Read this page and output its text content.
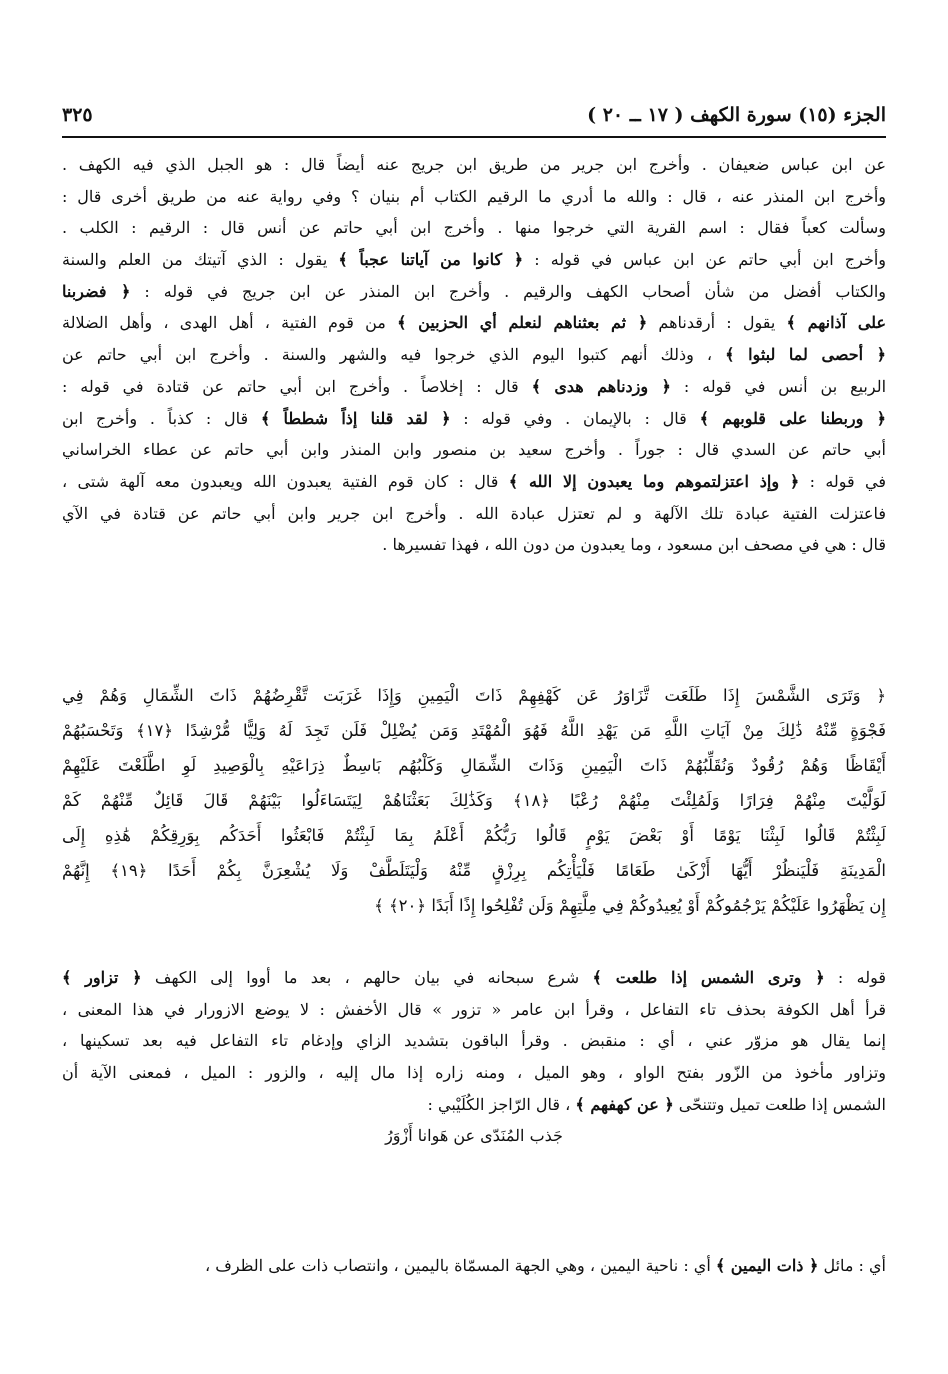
الجزء (١٥) سورة الكهف ( ١٧ ــ ٢٠ )
٣٢٥
عن ابن عباس ضعيفان . وأخرج ابن جرير من طريق ابن جريج عنه أيضاً قال : هو الجبل الذي فيه الكهف .
وأخرج ابن المنذر عنه ، قال : والله ما أدري ما الرقيم الكتاب أم بنيان ؟ وفي رواية عنه من طريق أخرى قال :
وسألت كعباً فقال : اسم القرية التي خرجوا منها . وأخرج ابن أبي حاتم عن أنس قال : الرقيم : الكلب .
وأخرج ابن أبي حاتم عن ابن عباس في قوله : ﴿ كانوا من آياتنا عجباً ﴾ يقول : الذي آتيتك من العلم والسنة
والكتاب أفضل من شأن أصحاب الكهف والرقيم . وأخرج ابن المنذر عن ابن جريج في قوله : ﴿ فضربنا
على آذانهم ﴾ يقول : أرقدناهم ﴿ ثم بعثناهم لنعلم أي الحزبين ﴾ من قوم الفتية ، أهل الهدى ، وأهل الضلالة
﴿ أحصى لما لبثوا ﴾ ، وذلك أنهم كتبوا اليوم الذي خرجوا فيه والشهر والسنة . وأخرج ابن أبي حاتم عن
الربيع بن أنس في قوله : ﴿ وزدناهم هدى ﴾ قال : إخلاصاً . وأخرج ابن أبي حاتم عن قتادة في قوله :
﴿ وربطنا على قلوبهم ﴾ قال : بالإيمان . وفي قوله : ﴿ لقد قلنا إذاً شططاً ﴾ قال : كذباً . وأخرج ابن
أبي حاتم عن السدي قال : جوراً . وأخرج سعيد بن منصور وابن المنذر وابن أبي حاتم عن عطاء الخراساني
في قوله : ﴿ وإذ اعتزلتموهم وما يعبدون إلا الله ﴾ قال : كان قوم الفتية يعبدون الله ويعبدون معه آلهة شتى ،
فاعتزلت الفتية عبادة تلك الآلهة و لم تعتزل عبادة الله . وأخرج ابن جرير وابن أبي حاتم عن قتادة في الآي
قال : هي في مصحف ابن مسعود ، وما يعبدون من دون الله ، فهذا تفسيرها .
﴿ وَتَرَى الشَّمْسَ إِذَا طَلَعَت تَّزَاوَرُ عَن كَهْفِهِمْ ذَاتَ الْيَمِينِ وَإِذَا غَرَبَت تَّقْرِضُهُمْ ذَاتَ الشِّمَالِ وَهُمْ فِي
فَجْوَةٍ مِّنْهُ ذَٰلِكَ مِنْ آيَاتِ اللَّهِ مَن يَهْدِ اللَّهُ فَهُوَ الْمُهْتَدِ وَمَن يُضْلِلْ فَلَن تَجِدَ لَهُ وَلِيًّا مُّرْشِدًا ﴿١٧﴾ وَتَحْسَبُهُمْ
أَيْقَاظًا وَهُمْ رُقُودٌ وَنُقَلِّبُهُمْ ذَاتَ الْيَمِينِ وَذَاتَ الشِّمَالِ وَكَلْبُهُم بَاسِطٌ ذِرَاعَيْهِ بِالْوَصِيدِ لَوِ اطَّلَعْتَ عَلَيْهِمْ
لَوَلَّيْتَ مِنْهُمْ فِرَارًا وَلَمُلِئْتَ مِنْهُمْ رُعْبًا ﴿١٨﴾ وَكَذَٰلِكَ بَعَثْنَاهُمْ لِيَتَسَاءَلُوا بَيْنَهُمْ قَالَ قَائِلٌ مِّنْهُمْ كَمْ
لَبِثْتُمْ قَالُوا لَبِثْنَا يَوْمًا أَوْ بَعْضَ يَوْمٍ قَالُوا رَبُّكُمْ أَعْلَمُ بِمَا لَبِثْتُمْ فَابْعَثُوا أَحَدَكُم بِوَرِقِكُمْ هَٰذِهِ إِلَى
الْمَدِينَةِ فَلْيَنظُرْ أَيُّهَا أَزْكَىٰ طَعَامًا فَلْيَأْتِكُم بِرِزْقٍ مِّنْهُ وَلْيَتَلَطَّفْ وَلَا يُشْعِرَنَّ بِكُمْ أَحَدًا ﴿١٩﴾ إِنَّهُمْ
إِن يَظْهَرُوا عَلَيْكُمْ يَرْجُمُوكُمْ أَوْ يُعِيدُوكُمْ فِي مِلَّتِهِمْ وَلَن تُفْلِحُوا إِذًا أَبَدًا ﴿٢٠﴾ ﴾
قوله : ﴿ وترى الشمس إذا طلعت ﴾ شرع سبحانه في بيان حالهم ، بعد ما أووا إلى الكهف ﴿ تزاور ﴾
قرأ أهل الكوفة بحذف تاء التفاعل ، وقرأ ابن عامر « تزور » قال الأخفش : لا يوضع الازورار في هذا المعنى ،
إنما يقال هو مزوّر عني ، أي : منقبض . وقرأ الباقون بتشديد الزاي وإدغام تاء التفاعل فيه بعد تسكينها ،
وتزاور مأخوذ من الزّور بفتح الواو ، وهو الميل ، ومنه زاره إذا مال إليه ، والزور : الميل ، فمعنى الآية أن
الشمس إذا طلعت تميل وتتنحّى ﴿ عن كهفهم ﴾ ، قال الرّاجز الكُلَيْبي :
جَذب المُنَدّى عن هَوانا أَزْوَرُ
أي : مائل ﴿ ذات اليمين ﴾ أي : ناحية اليمين ، وهي الجهة المسمّاة باليمين ، وانتصاب ذات على الظرف ،
